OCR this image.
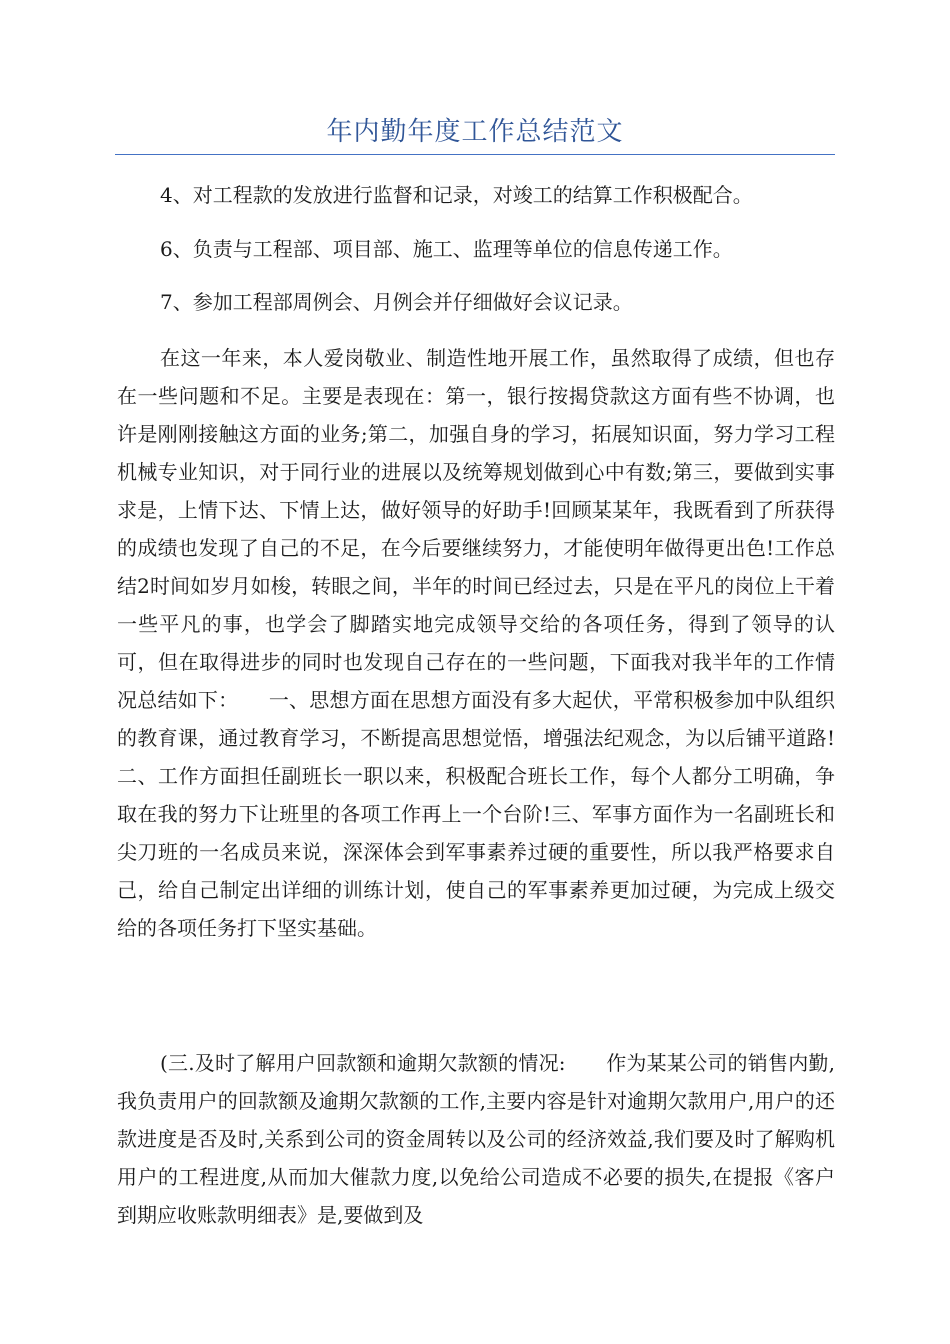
年内勤年度工作总结范文
4、对工程款的发放进行监督和记录，对竣工的结算工作积极配合。
6、负责与工程部、项目部、施工、监理等单位的信息传递工作。
7、参加工程部周例会、月例会并仔细做好会议记录。
在这一年来，本人爱岗敬业、制造性地开展工作，虽然取得了成绩，但也存在一些问题和不足。主要是表现在：第一，银行按揭贷款这方面有些不协调，也许是刚刚接触这方面的业务;第二，加强自身的学习，拓展知识面，努力学习工程机械专业知识，对于同行业的进展以及统筹规划做到心中有数;第三，要做到实事求是，上情下达、下情上达，做好领导的好助手!回顾某某年，我既看到了所获得的成绩也发现了自己的不足，在今后要继续努力，才能使明年做得更出色!工作总结2时间如岁月如梭，转眼之间，半年的时间已经过去，只是在平凡的岗位上干着一些平凡的事，也学会了脚踏实地完成领导交给的各项任务，得到了领导的认可，但在取得进步的同时也发现自己存在的一些问题，下面我对我半年的工作情况总结如下：　　一、思想方面在思想方面没有多大起伏，平常积极参加中队组织的教育课，通过教育学习，不断提高思想觉悟，增强法纪观念，为以后铺平道路!二、工作方面担任副班长一职以来，积极配合班长工作，每个人都分工明确，争取在我的努力下让班里的各项工作再上一个台阶!三、军事方面作为一名副班长和尖刀班的一名成员来说，深深体会到军事素养过硬的重要性，所以我严格要求自己，给自己制定出详细的训练计划，使自己的军事素养更加过硬，为完成上级交给的各项任务打下坚实基础。
(三.及时了解用户回款额和逾期欠款额的情况:　　作为某某公司的销售内勤,我负责用户的回款额及逾期欠款额的工作,主要内容是针对逾期欠款用户,用户的还款进度是否及时,关系到公司的资金周转以及公司的经济效益,我们要及时了解购机用户的工程进度,从而加大催款力度,以免给公司造成不必要的损失,在提报《客户到期应收账款明细表》是,要做到及
